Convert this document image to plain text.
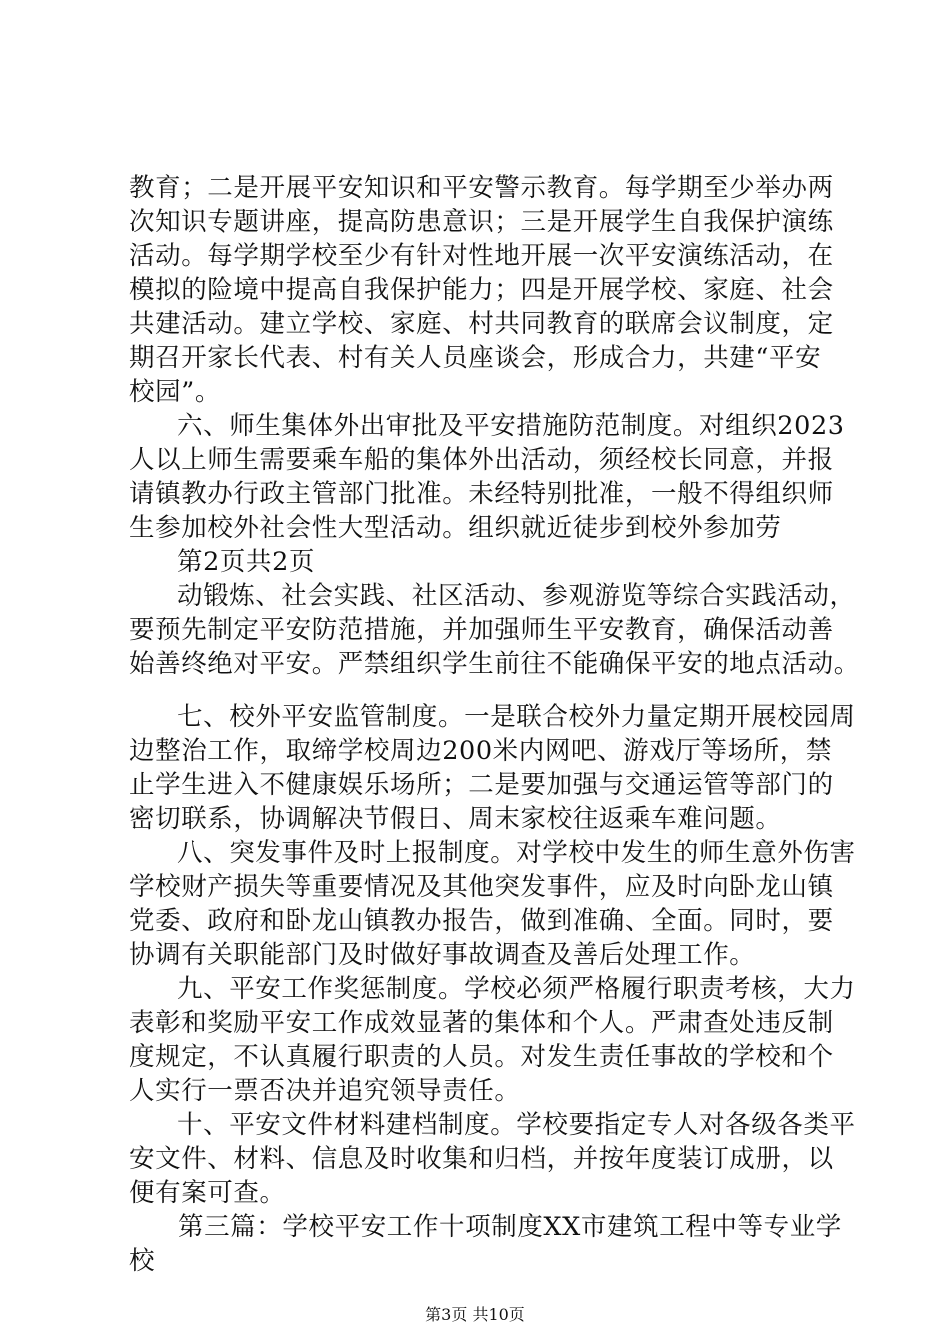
教育；二是开展平安知识和平安警示教育。每学期至少举办两
次知识专题讲座，提高防患意识；三是开展学生自我保护演练
活动。每学期学校至少有针对性地开展一次平安演练活动，在
模拟的险境中提高自我保护能力；四是开展学校、家庭、社会
共建活动。建立学校、家庭、村共同教育的联席会议制度，定
期召开家长代表、村有关人员座谈会，形成合力，共建“平安
校园”。
六、师生集体外出审批及平安措施防范制度。对组织2023
人以上师生需要乘车船的集体外出活动，须经校长同意，并报
请镇教办行政主管部门批准。未经特别批准，一般不得组织师
生参加校外社会性大型活动。组织就近徒步到校外参加劳
第2页共2页
动锻炼、社会实践、社区活动、参观游览等综合实践活动，
要预先制定平安防范措施，并加强师生平安教育，确保活动善
始善终绝对平安。严禁组织学生前往不能确保平安的地点活动。
七、校外平安监管制度。一是联合校外力量定期开展校园周
边整治工作，取缔学校周边200米内网吧、游戏厅等场所，禁
止学生进入不健康娱乐场所；二是要加强与交通运管等部门的
密切联系，协调解决节假日、周末家校往返乘车难问题。
八、突发事件及时上报制度。对学校中发生的师生意外伤害
学校财产损失等重要情况及其他突发事件，应及时向卧龙山镇
党委、政府和卧龙山镇教办报告，做到准确、全面。同时，要
协调有关职能部门及时做好事故调查及善后处理工作。
九、平安工作奖惩制度。学校必须严格履行职责考核，大力
表彰和奖励平安工作成效显著的集体和个人。严肃查处违反制
度规定，不认真履行职责的人员。对发生责任事故的学校和个
人实行一票否决并追究领导责任。
十、平安文件材料建档制度。学校要指定专人对各级各类平
安文件、材料、信息及时收集和归档，并按年度装订成册，以
便有案可查。
第三篇：学校平安工作十项制度XX市建筑工程中等专业学
校
第3页 共10页
